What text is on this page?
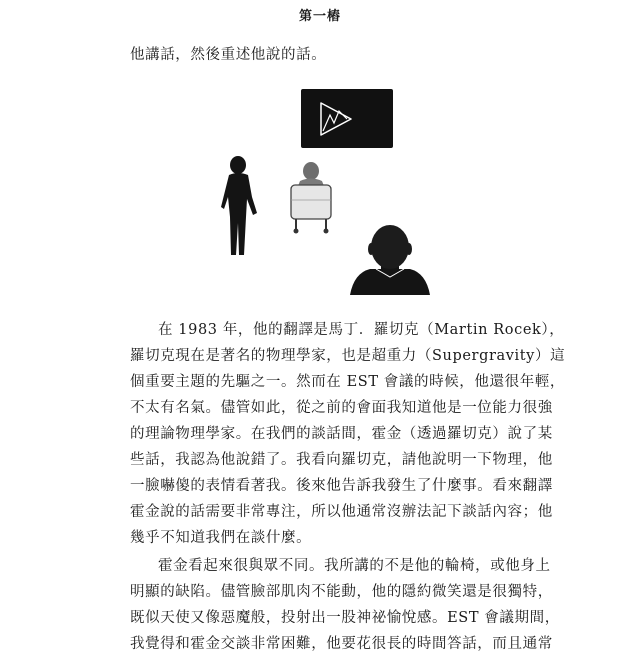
第一樁
他講話，然後重述他說的話。
在 1983 年，他的翻譯是馬丁．羅切克（Martin Rocek），
羅切克現在是著名的物理學家，也是超重力（Supergravity）這
個重要主題的先驅之一。然而在 EST 會議的時候，他還很年輕，
不太有名氣。儘管如此，從之前的會面我知道他是一位能力很強
的理論物理學家。在我們的談話間，霍金（透過羅切克）說了某
些話，我認為他說錯了。我看向羅切克，請他說明一下物理，他
一臉嚇傻的表情看著我。後來他告訴我發生了什麼事。看來翻譯
霍金說的話需要非常專注，所以他通常沒辦法記下談話內容；他
幾乎不知道我們在談什麼。
霍金看起來很與眾不同。我所講的不是他的輪椅，或他身上
明顯的缺陷。儘管臉部肌肉不能動，他的隱約微笑還是很獨特，
既似天使又像惡魔般，投射出一股神祕愉悅感。EST 會議期間，
我覺得和霍金交談非常困難，他要花很長的時間答話，而且通常
